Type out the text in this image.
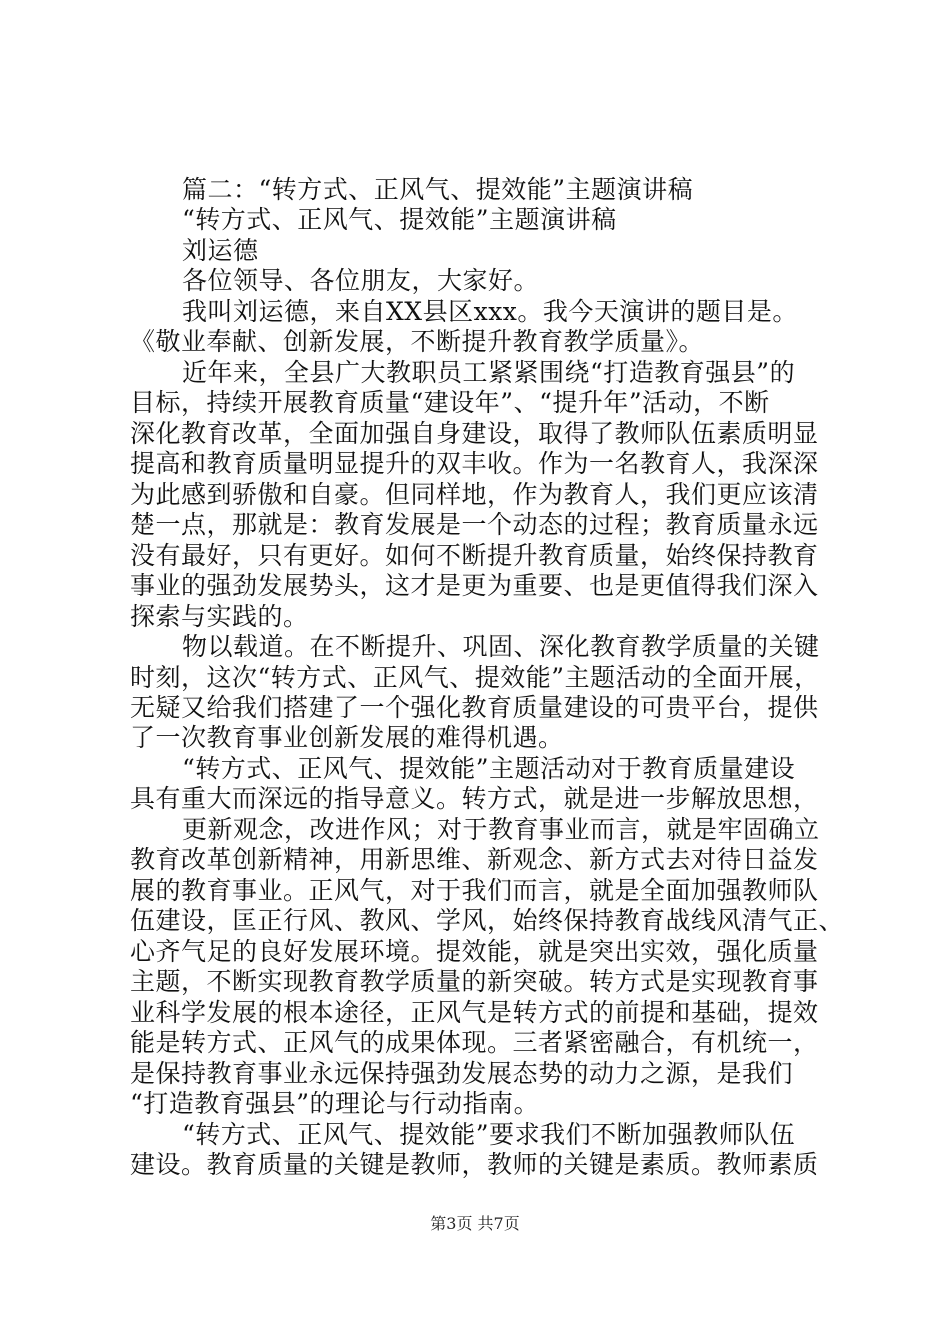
篇二：“转方式、正风气、提效能”主题演讲稿
“转方式、正风气、提效能”主题演讲稿
刘运德
各位领导、各位朋友，大家好。
我叫刘运德，来自XX县区xxx。我今天演讲的题目是。
《敬业奉献、创新发展，不断提升教育教学质量》。
近年来，全县广大教职员工紧紧围绕“打造教育强县”的
目标，持续开展教育质量“建设年”、“提升年”活动，不断
深化教育改革，全面加强自身建设，取得了教师队伍素质明显
提高和教育质量明显提升的双丰收。作为一名教育人，我深深
为此感到骄傲和自豪。但同样地，作为教育人，我们更应该清
楚一点，那就是：教育发展是一个动态的过程；教育质量永远
没有最好，只有更好。如何不断提升教育质量，始终保持教育
事业的强劲发展势头，这才是更为重要、也是更值得我们深入
探索与实践的。
物以载道。在不断提升、巩固、深化教育教学质量的关键
时刻，这次“转方式、正风气、提效能”主题活动的全面开展，
无疑又给我们搭建了一个强化教育质量建设的可贵平台，提供
了一次教育事业创新发展的难得机遇。
“转方式、正风气、提效能”主题活动对于教育质量建设
具有重大而深远的指导意义。转方式，就是进一步解放思想，
更新观念，改进作风；对于教育事业而言，就是牢固确立
教育改革创新精神，用新思维、新观念、新方式去对待日益发
展的教育事业。正风气，对于我们而言，就是全面加强教师队
伍建设，匡正行风、教风、学风，始终保持教育战线风清气正、
心齐气足的良好发展环境。提效能，就是突出实效，强化质量
主题，不断实现教育教学质量的新突破。转方式是实现教育事
业科学发展的根本途径，正风气是转方式的前提和基础，提效
能是转方式、正风气的成果体现。三者紧密融合，有机统一，
是保持教育事业永远保持强劲发展态势的动力之源，是我们
“打造教育强县”的理论与行动指南。
“转方式、正风气、提效能”要求我们不断加强教师队伍
建设。教育质量的关键是教师，教师的关键是素质。教师素质
第3页 共7页
